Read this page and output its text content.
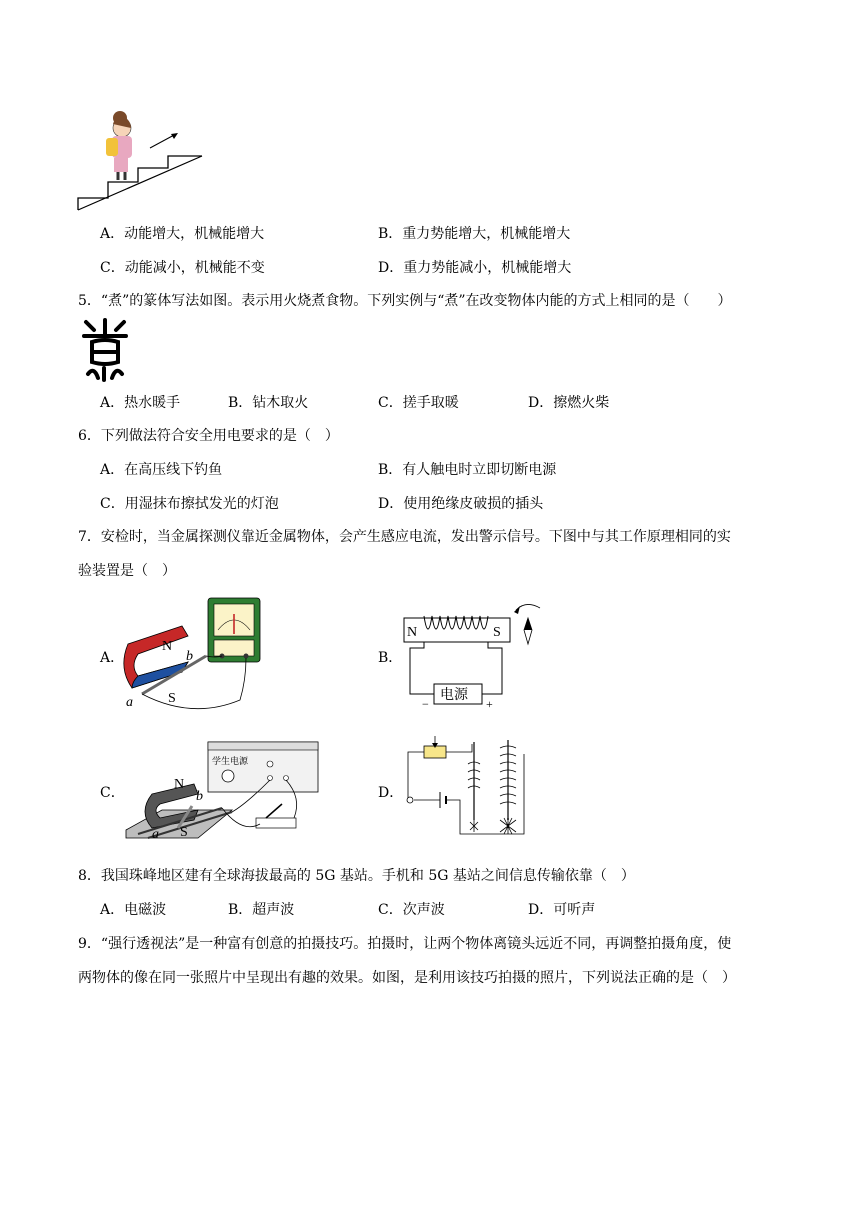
A．动能增大，机械能增大	B．重力势能增大，机械能增大
C．动能减小，机械能不变	D．重力势能减小，机械能增大
5．“煮”的篆体写法如图。表示用火烧煮食物。下列实例与“煮”在改变物体内能的方式上相同的是（　　）
A．热水暖手	B．钻木取火	C．搓手取暖	D．擦燃火柴
6．下列做法符合安全用电要求的是（　）
A．在高压线下钓鱼	B．有人触电时立即切断电源
C．用湿抹布擦拭发光的灯泡	D．使用绝缘皮破损的插头
7．安检时，当金属探测仪靠近金属物体，会产生感应电流，发出警示信号。下图中与其工作原理相同的实
验装置是（　）
A．	B．
C．	D．
N
S
a
b
N	S
电源
−	+
学生电源
N
S
a
b
8．我国珠峰地区建有全球海拔最高的 5G 基站。手机和 5G 基站之间信息传输依靠（　）
A．电磁波	B．超声波	C．次声波	D．可听声
9．“强行透视法”是一种富有创意的拍摄技巧。拍摄时，让两个物体离镜头远近不同，再调整拍摄角度，使
两物体的像在同一张照片中呈现出有趣的效果。如图，是利用该技巧拍摄的照片，下列说法正确的是（　）
